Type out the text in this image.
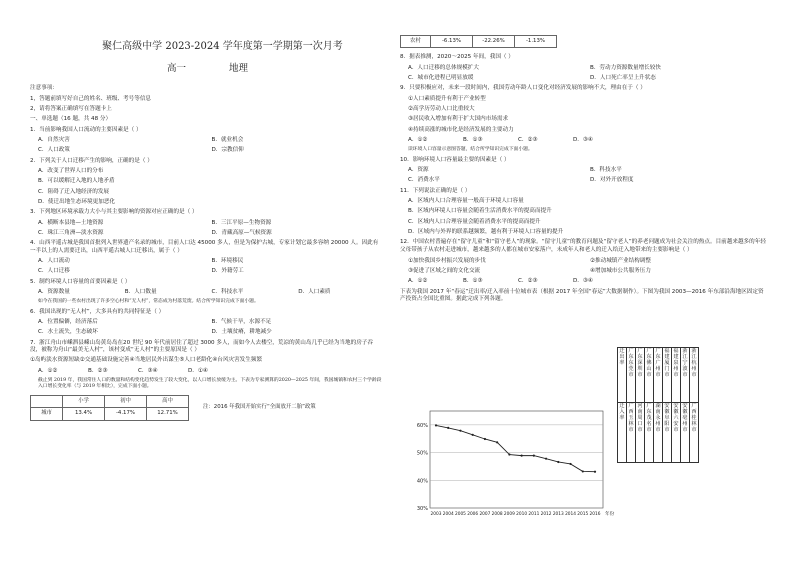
聚仁高级中学 2023-2024 学年度第一学期第一次月考
高一	地理
注意事项：
1，答题前填写好自己的姓名、班级、考号等信息
2，请将答案正确填写在答题卡上
一、单选题（16 题，共 48 分）
1．当前影响我国人口流动的主要因素是（ ）
A．自然灾害	B．就业机会
C．人口政策	D．宗教信仰
2．下列关于人口迁移产生的影响，正确的是（ ）
A．改变了世界人口的分布
B．可以缓解迁入地的人地矛盾
C．阻碍了迁入地经济的发展
D．使迁出地生态环境更加恶化
3．下列地区环境承载力大小与其主要影响的资源对应正确的是（ ）
A．横断本县地—土地资源	B．三江平原—生物资源
C．珠江三角洲—淡水资源	D．青藏高原—气候资源
4．山西平遥古城是我国首批列入世界遗产名录的城市，目前人口达 45000 多人，但是为保护古城，专家计划它最多容纳 20000 人。因此有一半以上的人需要迁出，山西平遥古城人口迁移出，属于（ ）
A．人口流动	B．环境移民
C．人口迁移	D．外籍劳工
5．制约环境人口容量的首要因素是（ ）
A．资源数量	B．人口数量	C．科技水平	D．人口素质
如今在我国的一些农村出现了许多空心村和“无人村”，常态成为村落荒废。结合所学知识完成下面小题。
6．我国出现的“无人村”，大多具有的共同特征是（ ）
A．位置偏僻，经济落后	B．气候干旱，水源不足
C．水土流失，生态破坏	D．土壤贫瘠，耕地减少
7．浙江舟山市嵊泗县嵊山岛黄岛岛在20 世纪 90 年代前居住了超过 3000 多人，而如今人去楼空，荒凉的黄山岛几乎已经为当地的房子吞没，被称为舟山“最美无人村”，该村变成“无人村”的主要原因是（ ）
①岛屿淡水资源短缺②交通基础设施完善④当地居民外出谋生⑤人口老龄化④台风灾害发生频繁
A．①②	B．②③	C．③④	D．①④
截止到 2019 年，我国常住人口的数量和结构变化趋势发生了较大变化，以人口增长放缓为主。下表为专家测算的2020—2025 年间，我国城镇和农村三个学龄段入口增长变化率（与 2019 年相比），完成下面小题。
	小学	初中	高中
城市	13.4%	-4.17%	12.71%
注：2016 年我国开始实行“全面放开二胎”政策
农村	-6.13%	-22.26%	-1.13%
8．据表推测，2020～2025 年间，我国（ ）
A．人口迁移的总体规模扩大	B．劳动力资源数量增长较快
C．城市化进程已明显放缓	D．人口死亡率呈上升状态
9．只要积极应对，未来一段时间内，我国劳动年龄人口变化对经济发展的影响不大，理由在于（ ）
①人口素质提升有利于产业转型
②高学历劳动人口比重较大
③居民收入增加有利于扩大国内市场需求
④持续高涨的城市化是经济发展的主要动力
A．①②	B．①③	C．②③	D．③④
读环境人口容量示意图答题，结合所学知识完成下面小题。
10．影响环境人口容量最主要的因素是（ ）
A．资源	B．科技水平
C．消费水平	D．对外开放程度
11．下列说法正确的是（ ）
A．区域内人口合理容量一般高于环境人口容量
B．区域内环境人口容量会随着生活消费水平的提高而提升
C．区域内人口合理容量会随着消费水平的提高而提升
D．区域内与外界的联系越频繁，越有利于环境人口容量的提升
12．中国农村普遍存在“留守儿童”和“留守老人”的现象。“留守儿童”的教育问题及“留守老人”的养老问题成为社会关注的热点。目前越来越多的年轻父母带孩子从农村走进城市，越来越多的人都在城市安家落户，未成年人和老人的迁入给迁入地带来的主要影响是（ ）
①加快我国乡村振兴发展的步伐	②推动城镇产业结构调整
③促进了区域之间的文化交流	④增加城市公共服务压力
A．①②	B．①③	C．②③	D．③④
下表为我国 2017 年“春运”迁出率/迁入率前十位城市表（根据 2017 年全国“春运”大数据制作）。下图为我国 2003—2016 年东部沿海地区固定资产投资占全国比重图。据此完成下列各题。
迁出率	广东东莞市	广东深圳市	广东佛山市	广东广州市	福建厦门市	福建泉州市	浙江宁波市	浙江杭州市
迁入率	广西玉林市	河南周口市	广东茂名市	湖南永州市	安徽阜阳市	安徽六安市	安徽亳州市	广西桂林市
30%
40%
50%
60%
2003 2004 2005 2006 2007 2008 2009 2010 2011 2012 2013 2014 2015 2016 年份
